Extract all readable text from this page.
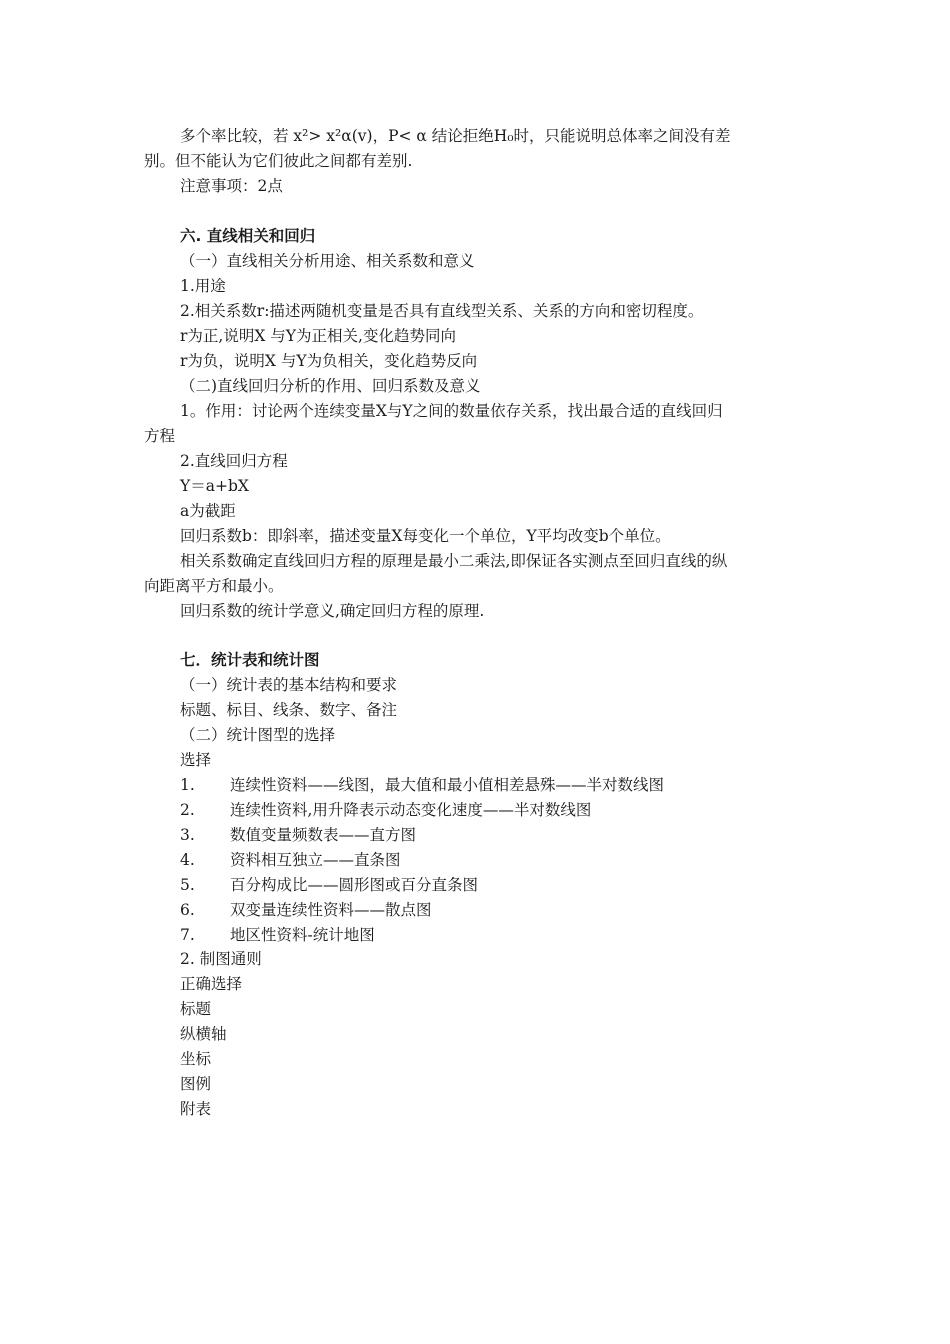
多个率比较，若 x²> x²α(v)，P< α 结论拒绝H₀时，只能说明总体率之间没有差
别。但不能认为它们彼此之间都有差别.
注意事项：2点
六. 直线相关和回归
（一）直线相关分析用途、相关系数和意义
1.用途
2.相关系数r:描述两随机变量是否具有直线型关系、关系的方向和密切程度。
r为正,说明X 与Y为正相关,变化趋势同向
r为负，说明X 与Y为负相关，变化趋势反向
（二)直线回归分析的作用、回归系数及意义
1。作用：讨论两个连续变量X与Y之间的数量依存关系，找出最合适的直线回归
方程
2.直线回归方程
Y＝a+bX
a为截距
回归系数b：即斜率，描述变量X每变化一个单位，Y平均改变b个单位。
相关系数确定直线回归方程的原理是最小二乘法,即保证各实测点至回归直线的纵
向距离平方和最小。
回归系数的统计学意义,确定回归方程的原理.
七．统计表和统计图
（一）统计表的基本结构和要求
标题、标目、线条、数字、备注
（二）统计图型的选择
选择
1. 连续性资料——线图，最大值和最小值相差悬殊——半对数线图
2. 连续性资料,用升降表示动态变化速度——半对数线图
3. 数值变量频数表——直方图
4. 资料相互独立——直条图
5. 百分构成比——圆形图或百分直条图
6. 双变量连续性资料——散点图
7. 地区性资料-统计地图
2. 制图通则
正确选择
标题
纵横轴
坐标
图例
附表
